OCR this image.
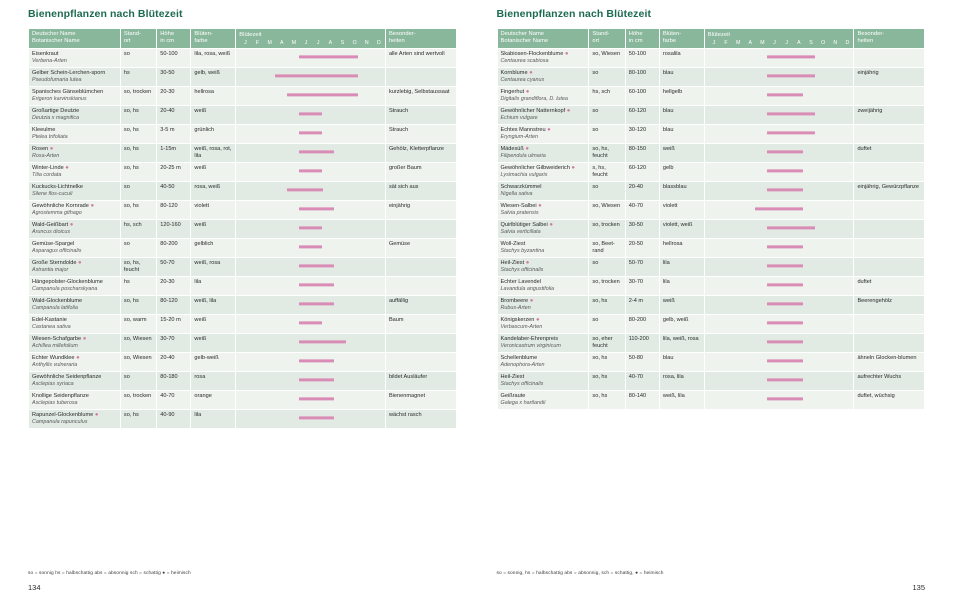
Bienenpflanzen nach Blütezeit
Deutscher Name
Botanischer Name	Stand-
ort	Höhe
in cm	Blüten-
farbe	Blütezeit
J	F	M	A	M	J	J	A	S	O	N	D
	Besonder-
heiten
Eisenkraut
Verbena-Arten	so	50-100	lila, rosa, weiß		alle Arten sind wertvoll
Gelber Schein-Lerchen-sporn
Pseudofumaria lutea	hs	30-50	gelb, weiß	

Spanisches Gänseblümchen
Erigeron karvinskianus	so, trocken	20-30	hellrosa		kurzlebig, Selbstaussaat
Großartige Deutzie
Deutzia x magnifica	so, hs	20-40	weiß		Strauch
Kleeulme
Ptelea trifoliata	so, hs	3-5 m	grünlich		Strauch
Rosen ●
Rosa-Arten	so, hs	1-15m	weiß, rosa, rot, lila		Gehölz, Kletterpflanze
Winter-Linde ●
Tilia cordata	so, hs	20-25 m	weiß		großer Baum
Kuckucks-Lichtnelke
Silene flos-cuculi	so	40-50	rosa, weiß		sät sich aus
Gewöhnliche Kornrade ●
Agrostemma githago	so, hs	80-120	violett		einjährig
Wald-Geißbart ●
Aruncus dioicus	hs, sch	120-160	weiß	

Gemüse-Spargel
Asparagus officinalis	so	80-200	gelblich		Gemüse
Große Sterndolde ●
Astrantia major	so, hs, feucht	50-70	weiß, rosa	

Hängepolster-Glockenblume
Campanula poscharskyana	hs	20-30	lila	

Wald-Glockenblume
Campanula latifolia	so, hs	80-120	weiß, lila		auffällig
Edel-Kastanie
Castanea sativa	so, warm	15-20 m	weiß		Baum
Wiesen-Schafgarbe ●
Achillea millefolium	so, Wiesen	30-70	weiß	

Echter Wundklee ●
Anthyllis vulneraria	so, Wiesen	20-40	gelb-weiß	

Gewöhnliche Seidenpflanze
Asclepias syriaca	so	80-180	rosa		bildet Ausläufer
Knollige Seidenpflanze
Asclepias tuberosa	so, trocken	40-70	orange		Bienenmagnet
Rapunzel-Glockenblume ●
Campanula rapunculus	so, hs	40-90	lila		wächst rasch
so = sonnig hs = halbschattig abs = absonnig sch = schattig ● = heimisch
134
Bienenpflanzen nach Blütezeit
Deutscher Name
Botanischer Name	Stand-
ort	Höhe
in cm	Blüten-
farbe	Blütezeit
J	F	M	A	M	J	J	A	S	O	N	D
	Besonder-
heiten
Skabiosen-Flockenblume ●
Centaurea scabiosa	so, Wiesen	50-100	rosalila	

Kornblume ●
Centaurea cyanus	so	80-100	blau		einjährig
Fingerhut ●
Digitalis grandiflora, D. lutea	hs, sch	60-100	hellgelb	

Gewöhnlicher Natternkopf ●
Echium vulgare	so	60-120	blau		zweijährig
Echtes Mannstreu ●
Eryngium-Arten	so	30-120	blau	

Mädesüß ●
Filipendula ulmaria	so, hs, feucht	80-150	weiß		duftet
Gewöhnlicher Gilbweiderich ●
Lysimachia vulgaris	s, hs, feucht	60-120	gelb	

Schwarzkümmel
Nigella sativa	so	20-40	blassblau		einjährig, Gewürzpflanze
Wiesen-Salbei ●
Salvia pratensis	so, Wiesen	40-70	violett	

Quirlblütiger Salbei ●
Salvia verticillata	so, trocken	30-50	violett, weiß	

Woll-Ziest
Stachys byzantina	so, Beet-rand	20-50	hellrosa	

Heil-Ziest ●
Stachys officinalis	so	50-70	lila	

Echter Lavendel
Lavandula angustifolia	so, trocken	30-70	lila		duftet
Brombeere ●
Rubus-Arten	so, hs	2-4 m	weiß		Beerengehölz
Königskerzen ●
Verbascum-Arten	so	80-200	gelb, weiß	

Kandelaber-Ehrenpreis
Veronicastrum virginicum	so, eher feucht	110-200	lila, weiß, rosa	

Schellenblume
Adenophora-Arten	so, hs	50-80	blau		ähneln Glocken-blumen
Heil-Ziest
Stachys officinalis	so, hs	40-70	rosa, lila		aufrechter Wuchs
Geißraute
Galega x hartlandii	so, hs	80-140	weiß, lila		duftet, wüchsig
so = sonnig, hs = halbschattig abs = absonnig, sch = schattig, ● = heimisch
135
